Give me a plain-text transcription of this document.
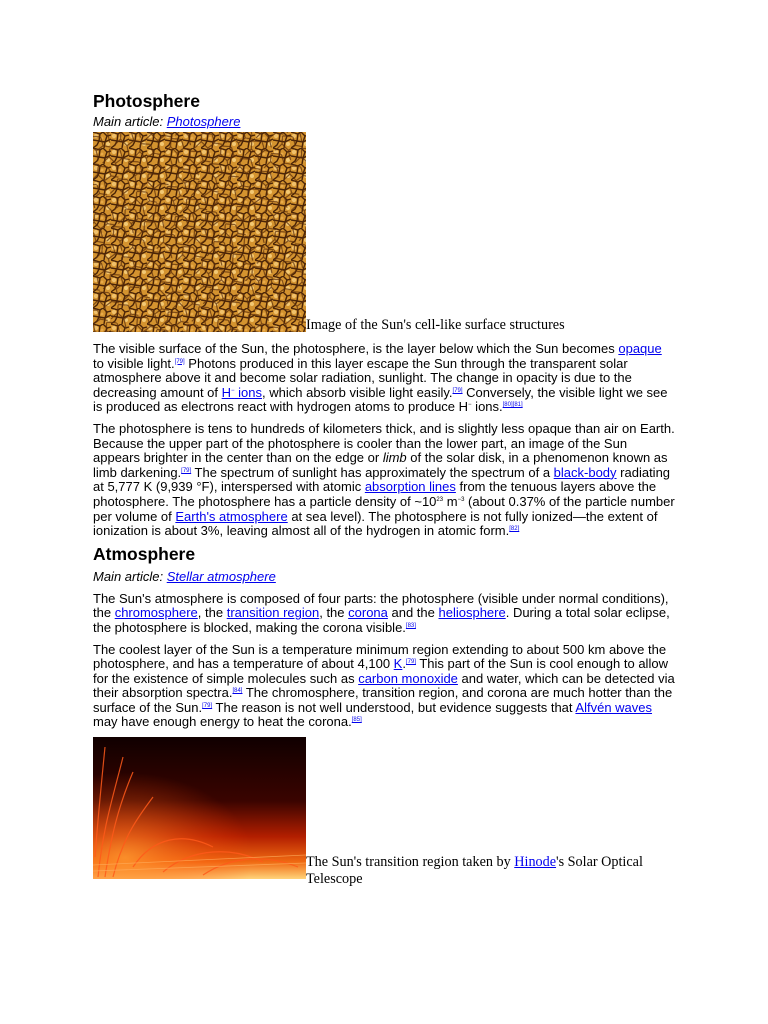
Photosphere
Main article: Photosphere
Image of the Sun's cell-like surface structures

The visible surface of the Sun, the photosphere, is the layer below which the Sun becomes opaque to visible light.[79] Photons produced in this layer escape the Sun through the transparent solar atmosphere above it and become solar radiation, sunlight. The change in opacity is due to the decreasing amount of H− ions, which absorb visible light easily.[79] Conversely, the visible light we see is produced as electrons react with hydrogen atoms to produce H− ions.[80][81]

The photosphere is tens to hundreds of kilometers thick, and is slightly less opaque than air on Earth. Because the upper part of the photosphere is cooler than the lower part, an image of the Sun appears brighter in the center than on the edge or limb of the solar disk, in a phenomenon known as limb darkening.[79] The spectrum of sunlight has approximately the spectrum of a black-body radiating at 5,777 K (9,939 °F), interspersed with atomic absorption lines from the tenuous layers above the photosphere. The photosphere has a particle density of $\sim 10^{23}$ $m^{-3}$ (about 0.37% of the particle number per volume of Earth's atmosphere at sea level). The photosphere is not fully ionized—the extent of ionization is about 3%, leaving almost all of the hydrogen in atomic form.[82]

Atmosphere
Main article: Stellar atmosphere

The Sun's atmosphere is composed of four parts: the photosphere (visible under normal conditions), the chromosphere, the transition region, the corona and the heliosphere. During a total solar eclipse, the photosphere is blocked, making the corona visible.[83]

The coolest layer of the Sun is a temperature minimum region extending to about 500 km above the photosphere, and has a temperature of about 4,100 K.[79] This part of the Sun is cool enough to allow for the existence of simple molecules such as carbon monoxide and water, which can be detected via their absorption spectra.[84] The chromosphere, transition region, and corona are much hotter than the surface of the Sun.[79] The reason is not well understood, but evidence suggests that Alfvén waves may have enough energy to heat the corona.[85]

The Sun's transition region taken by Hinode's Solar Optical Telescope
